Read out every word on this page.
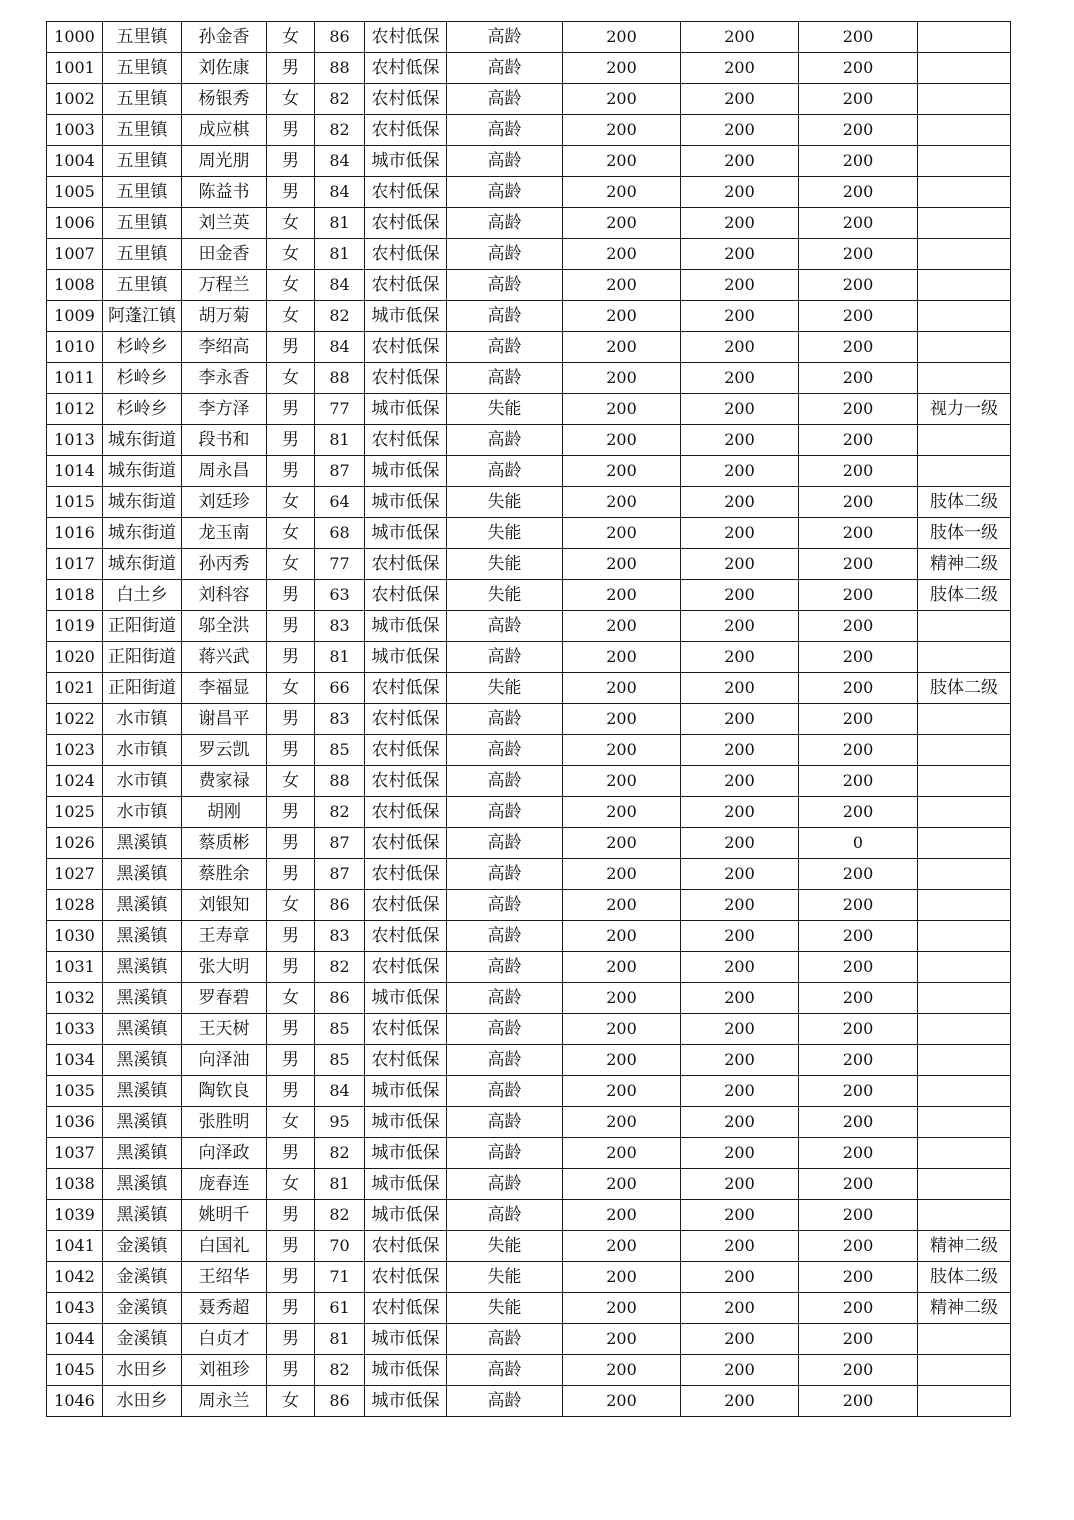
1000	五里镇	孙金香	女	86	农村低保	高龄	200	200	200	
1001	五里镇	刘佐康	男	88	农村低保	高龄	200	200	200	
1002	五里镇	杨银秀	女	82	农村低保	高龄	200	200	200	
1003	五里镇	成应棋	男	82	农村低保	高龄	200	200	200	
1004	五里镇	周光朋	男	84	城市低保	高龄	200	200	200	
1005	五里镇	陈益书	男	84	农村低保	高龄	200	200	200	
1006	五里镇	刘兰英	女	81	农村低保	高龄	200	200	200	
1007	五里镇	田金香	女	81	农村低保	高龄	200	200	200	
1008	五里镇	万程兰	女	84	农村低保	高龄	200	200	200	
1009	阿蓬江镇	胡万菊	女	82	城市低保	高龄	200	200	200	
1010	杉岭乡	李绍高	男	84	农村低保	高龄	200	200	200	
1011	杉岭乡	李永香	女	88	农村低保	高龄	200	200	200	
1012	杉岭乡	李方泽	男	77	城市低保	失能	200	200	200	视力一级
1013	城东街道	段书和	男	81	农村低保	高龄	200	200	200	
1014	城东街道	周永昌	男	87	城市低保	高龄	200	200	200	
1015	城东街道	刘廷珍	女	64	城市低保	失能	200	200	200	肢体二级
1016	城东街道	龙玉南	女	68	城市低保	失能	200	200	200	肢体一级
1017	城东街道	孙丙秀	女	77	农村低保	失能	200	200	200	精神二级
1018	白土乡	刘科容	男	63	农村低保	失能	200	200	200	肢体二级
1019	正阳街道	邬全洪	男	83	城市低保	高龄	200	200	200	
1020	正阳街道	蒋兴武	男	81	城市低保	高龄	200	200	200	
1021	正阳街道	李福显	女	66	农村低保	失能	200	200	200	肢体二级
1022	水市镇	谢昌平	男	83	农村低保	高龄	200	200	200	
1023	水市镇	罗云凯	男	85	农村低保	高龄	200	200	200	
1024	水市镇	费家禄	女	88	农村低保	高龄	200	200	200	
1025	水市镇	胡刚	男	82	农村低保	高龄	200	200	200	
1026	黑溪镇	蔡质彬	男	87	农村低保	高龄	200	200	0	
1027	黑溪镇	蔡胜余	男	87	农村低保	高龄	200	200	200	
1028	黑溪镇	刘银知	女	86	农村低保	高龄	200	200	200	
1030	黑溪镇	王寿章	男	83	农村低保	高龄	200	200	200	
1031	黑溪镇	张大明	男	82	农村低保	高龄	200	200	200	
1032	黑溪镇	罗春碧	女	86	城市低保	高龄	200	200	200	
1033	黑溪镇	王天树	男	85	农村低保	高龄	200	200	200	
1034	黑溪镇	向泽油	男	85	农村低保	高龄	200	200	200	
1035	黑溪镇	陶钦良	男	84	城市低保	高龄	200	200	200	
1036	黑溪镇	张胜明	女	95	城市低保	高龄	200	200	200	
1037	黑溪镇	向泽政	男	82	城市低保	高龄	200	200	200	
1038	黑溪镇	庞春连	女	81	城市低保	高龄	200	200	200	
1039	黑溪镇	姚明千	男	82	城市低保	高龄	200	200	200	
1041	金溪镇	白国礼	男	70	农村低保	失能	200	200	200	精神二级
1042	金溪镇	王绍华	男	71	农村低保	失能	200	200	200	肢体二级
1043	金溪镇	聂秀超	男	61	农村低保	失能	200	200	200	精神二级
1044	金溪镇	白贞才	男	81	城市低保	高龄	200	200	200	
1045	水田乡	刘祖珍	男	82	城市低保	高龄	200	200	200	
1046	水田乡	周永兰	女	86	城市低保	高龄	200	200	200	
